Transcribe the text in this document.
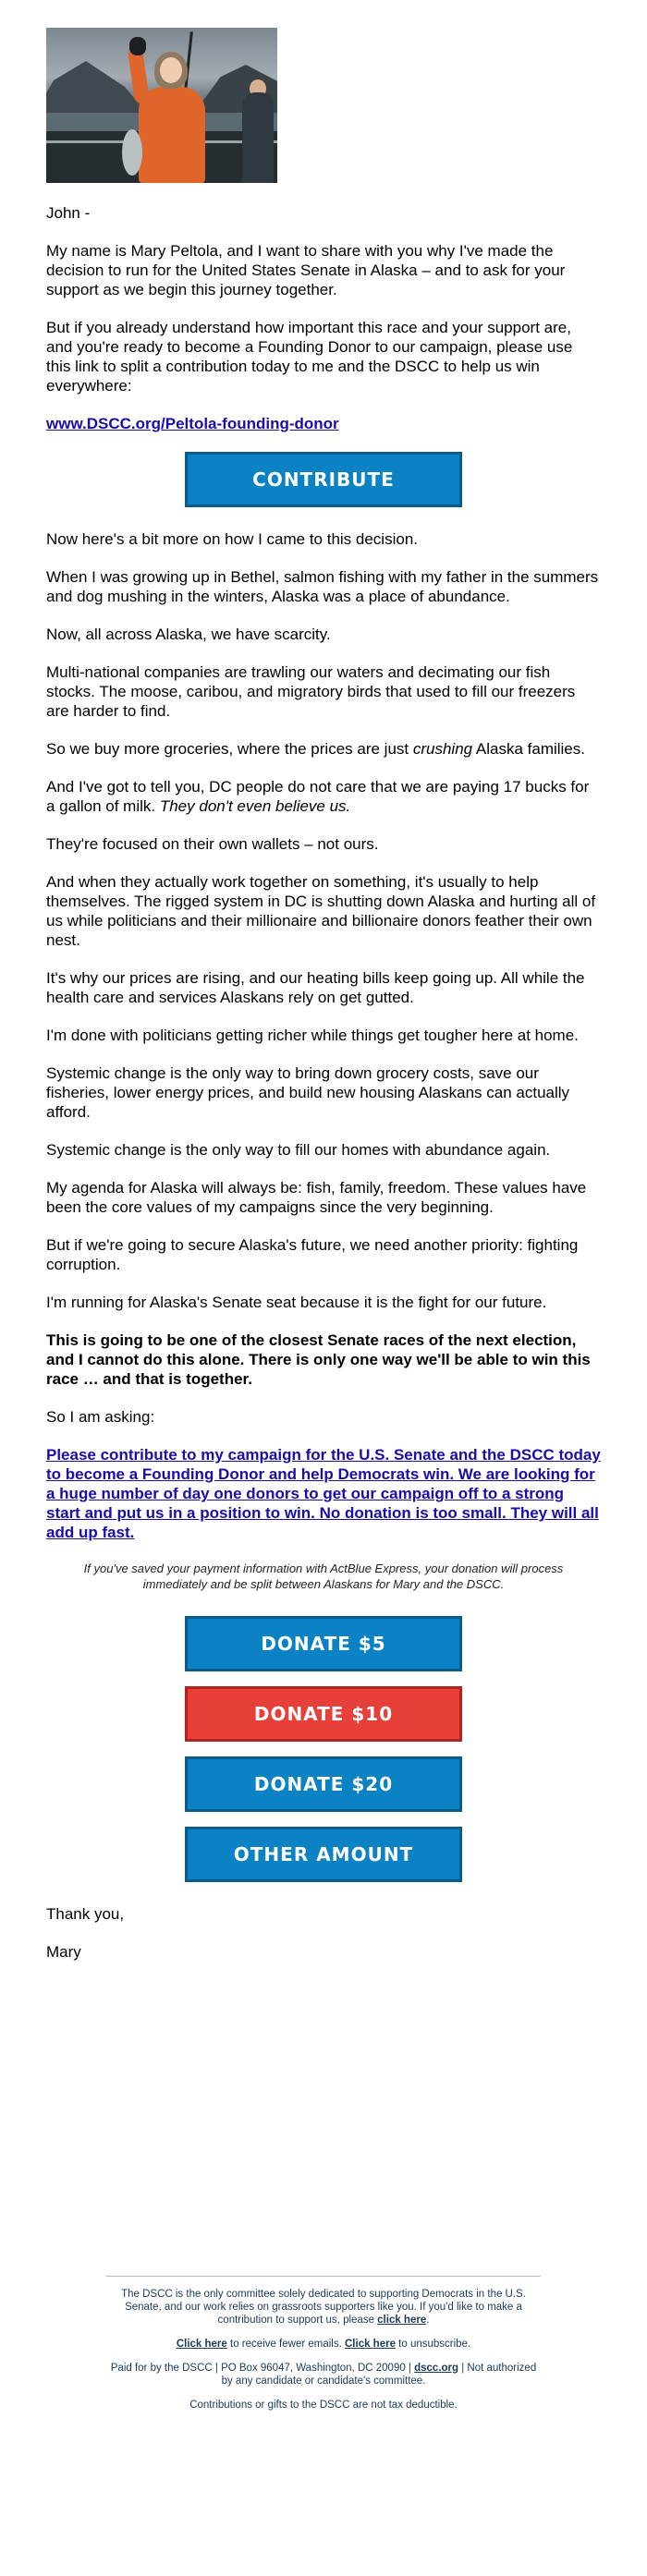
John -

My name is Mary Peltola, and I want to share with you why I've made the decision to run for the United States Senate in Alaska – and to ask for your support as we begin this journey together.

But if you already understand how important this race and your support are, and you're ready to become a Founding Donor to our campaign, please use this link to split a contribution today to me and the DSCC to help us win everywhere:

www.DSCC.org/Peltola-founding-donor

CONTRIBUTE

Now here's a bit more on how I came to this decision.

When I was growing up in Bethel, salmon fishing with my father in the summers and dog mushing in the winters, Alaska was a place of abundance.

Now, all across Alaska, we have scarcity.

Multi-national companies are trawling our waters and decimating our fish stocks. The moose, caribou, and migratory birds that used to fill our freezers are harder to find.

So we buy more groceries, where the prices are just crushing Alaska families.

And I've got to tell you, DC people do not care that we are paying 17 bucks for a gallon of milk. They don't even believe us.

They're focused on their own wallets – not ours.

And when they actually work together on something, it's usually to help themselves. The rigged system in DC is shutting down Alaska and hurting all of us while politicians and their millionaire and billionaire donors feather their own nest.

It's why our prices are rising, and our heating bills keep going up. All while the health care and services Alaskans rely on get gutted.

I'm done with politicians getting richer while things get tougher here at home.

Systemic change is the only way to bring down grocery costs, save our fisheries, lower energy prices, and build new housing Alaskans can actually afford.

Systemic change is the only way to fill our homes with abundance again.

My agenda for Alaska will always be: fish, family, freedom. These values have been the core values of my campaigns since the very beginning.

But if we're going to secure Alaska's future, we need another priority: fighting corruption.

I'm running for Alaska's Senate seat because it is the fight for our future.

This is going to be one of the closest Senate races of the next election, and I cannot do this alone. There is only one way we'll be able to win this race … and that is together.

So I am asking:

Please contribute to my campaign for the U.S. Senate and the DSCC today to become a Founding Donor and help Democrats win. We are looking for a huge number of day one donors to get our campaign off to a strong start and put us in a position to win. No donation is too small. They will all add up fast.
If you've saved your payment information with ActBlue Express, your donation will process immediately and be split between Alaskans for Mary and the DSCC.
DONATE $5
DONATE $10
DONATE $20
OTHER AMOUNT

Thank you,

Mary

The DSCC is the only committee solely dedicated to supporting Democrats in the U.S. Senate, and our work relies on grassroots supporters like you. If you'd like to make a contribution to support us, please click here.

Click here to receive fewer emails. Click here to unsubscribe.

Paid for by the DSCC | PO Box 96047, Washington, DC 20090 | dscc.org | Not authorized by any candidate or candidate's committee.

Contributions or gifts to the DSCC are not tax deductible.
